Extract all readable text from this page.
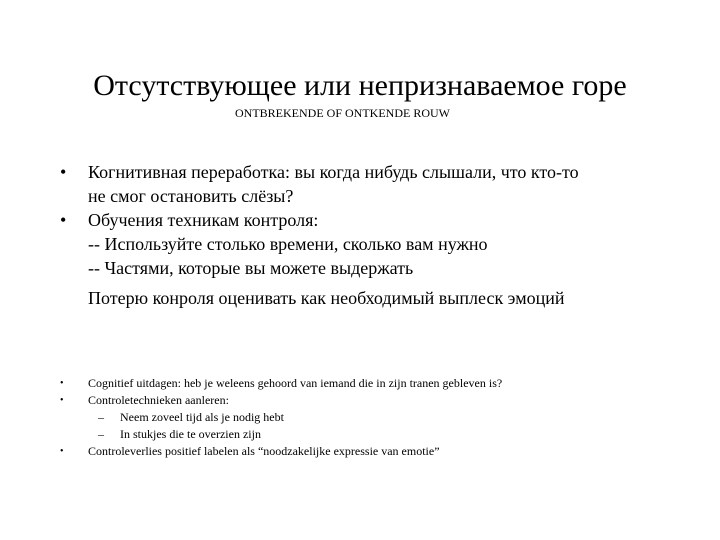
Отсутствующее или непризнаваемое горе
ONTBREKENDE OF ONTKENDE ROUW
•	Когнитивная переработка: вы когда нибудь слышали, что кто-то
не смог остановить слёзы?
•	Обучения техникам контроля:
-- Используйте столько времени, сколько вам нужно
-- Частями, которые вы можете выдержать
Потерю конроля оценивать как необходимый выплеск эмоций
•	Cognitief uitdagen: heb je weleens gehoord van iemand die in zijn tranen gebleven is?
•	Controletechnieken aanleren:
–	Neem zoveel tijd als je nodig hebt
–	In stukjes die te overzien zijn
•	Controleverlies positief labelen als “noodzakelijke expressie van emotie”
